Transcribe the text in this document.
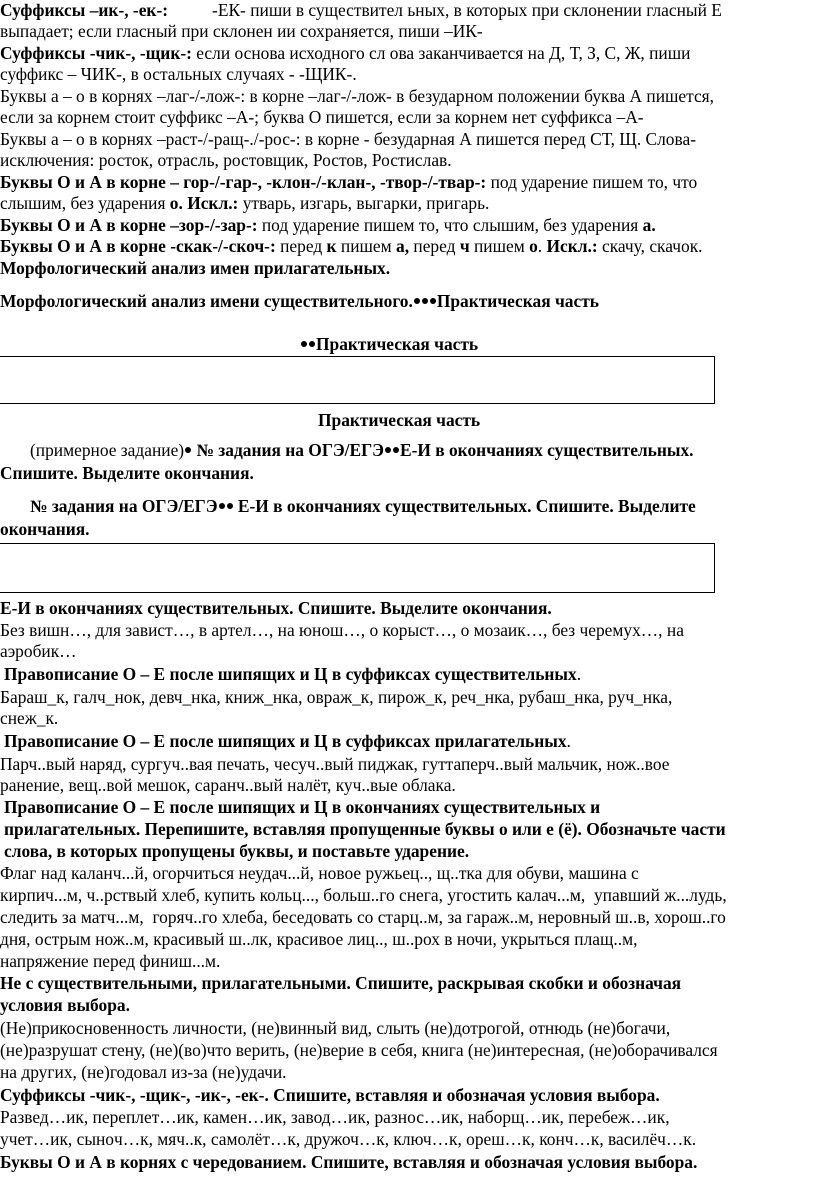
Суффиксы –ик-, -ек-:	-ЕК- пиши в существител ьных, в которых при склонении гласный Е
выпадает; если гласный при склонен ии сохраняется, пиши –ИК-
Суффиксы -чик-, -щик-: если основа исходного сл ова заканчивается на Д, Т, З, С, Ж, пиши
суффикс – ЧИК-, в остальных случаях - -ЩИК-.
Буквы а – о в корнях –лаг-/-лож-: в корне –лаг-/-лож- в безударном положении буква А пишется,
если за корнем стоит суффикс –А-; буква О пишется, если за корнем нет суффикса –А-
Буквы а – о в корнях –раст-/-ращ-./-рос-: в корне - безударная А пишется перед СТ, Щ. Слова-
исключения: росток, отрасль, ростовщик, Ростов, Ростислав.
Буквы О и А в корне – гор-/-гар-, -клон-/-клан-, -твор-/-твар-: под ударение пишем то, что
слышим, без ударения о. Искл.: утварь, изгарь, выгарки, пригарь.
Буквы О и А в корне –зор-/-зар-: под ударение пишем то, что слышим, без ударения а.
Буквы О и А в корне -скак-/-скоч-: перед к пишем а, перед ч пишем о. Искл.: скачу, скачок.
Морфологический анализ имен прилагательных.
Морфологический анализ имени существительного. Практическая часть
Практическая часть
Практическая часть
(примерное задание) № задания на ОГЭ/ЕГЭ Е-И в окончаниях существительных.
Спишите. Выделите окончания.
№ задания на ОГЭ/ЕГЭ Е-И в окончаниях существительных. Спишите. Выделите
окончания.
Е-И в окончаниях существительных. Спишите. Выделите окончания.
Без вишн…, для завист…, в артел…, на юнош…, о корыст…, о мозаик…, без черемух…, на
аэробик…
Правописание О – Е после шипящих и Ц в суффиксах существительных.
Бараш_к, галч_нок, девч_нка, книж_нка, овраж_к, пирож_к, реч_нка, рубаш_нка, руч_нка,
снеж_к.
Правописание О – Е после шипящих и Ц в суффиксах прилагательных.
Парч..вый наряд, сургуч..вая печать, чесуч..вый пиджак, гуттаперч..вый мальчик, нож..вое
ранение, вещ..вой мешок, саранч..вый налёт, куч..вые облака.
Правописание О – Е после шипящих и Ц в окончаниях существительных и
прилагательных. Перепишите, вставляя пропущенные буквы о или е (ё). Обозначьте части
слова, в которых пропущены буквы, и поставьте ударение.
Флаг над каланч...й, огорчиться неудач...й, новое ружьец.., щ..тка для обуви, машина с
кирпич...м, ч..рствый хлеб, купить кольц..., больш..го снега, угостить калач...м,  упавший ж...лудь,
следить за матч...м,  горяч..го хлеба, беседовать со старц..м, за гараж..м, неровный ш..в, хорош..го
дня, острым нож..м, красивый ш..лк, красивое лиц.., ш..рох в ночи, укрыться плащ..м,
напряжение перед финиш...м.
Не с существительными, прилагательными. Спишите, раскрывая скобки и обозначая
условия выбора.
(Не)прикосновенность личности, (не)винный вид, слыть (не)дотрогой, отнюдь (не)богачи,
(не)разрушат стену, (не)(во)что верить, (не)верие в себя, книга (не)интересная, (не)оборачивался
на других, (не)годовал из-за (не)удачи.
Суффиксы -чик-, -щик-, -ик-, -ек-. Спишите, вставляя и обозначая условия выбора.
Развед…ик, переплет…ик, камен…ик, завод…ик, разнос…ик, наборщ…ик, перебеж…ик,
учет…ик, сынoч…к, мяч..к, самолёт…к, дружоч…к, ключ…к, ореш…к, конч…к, василёч…к.
Буквы О и А в корнях с чередованием. Спишите, вставляя и обозначая условия выбора.
